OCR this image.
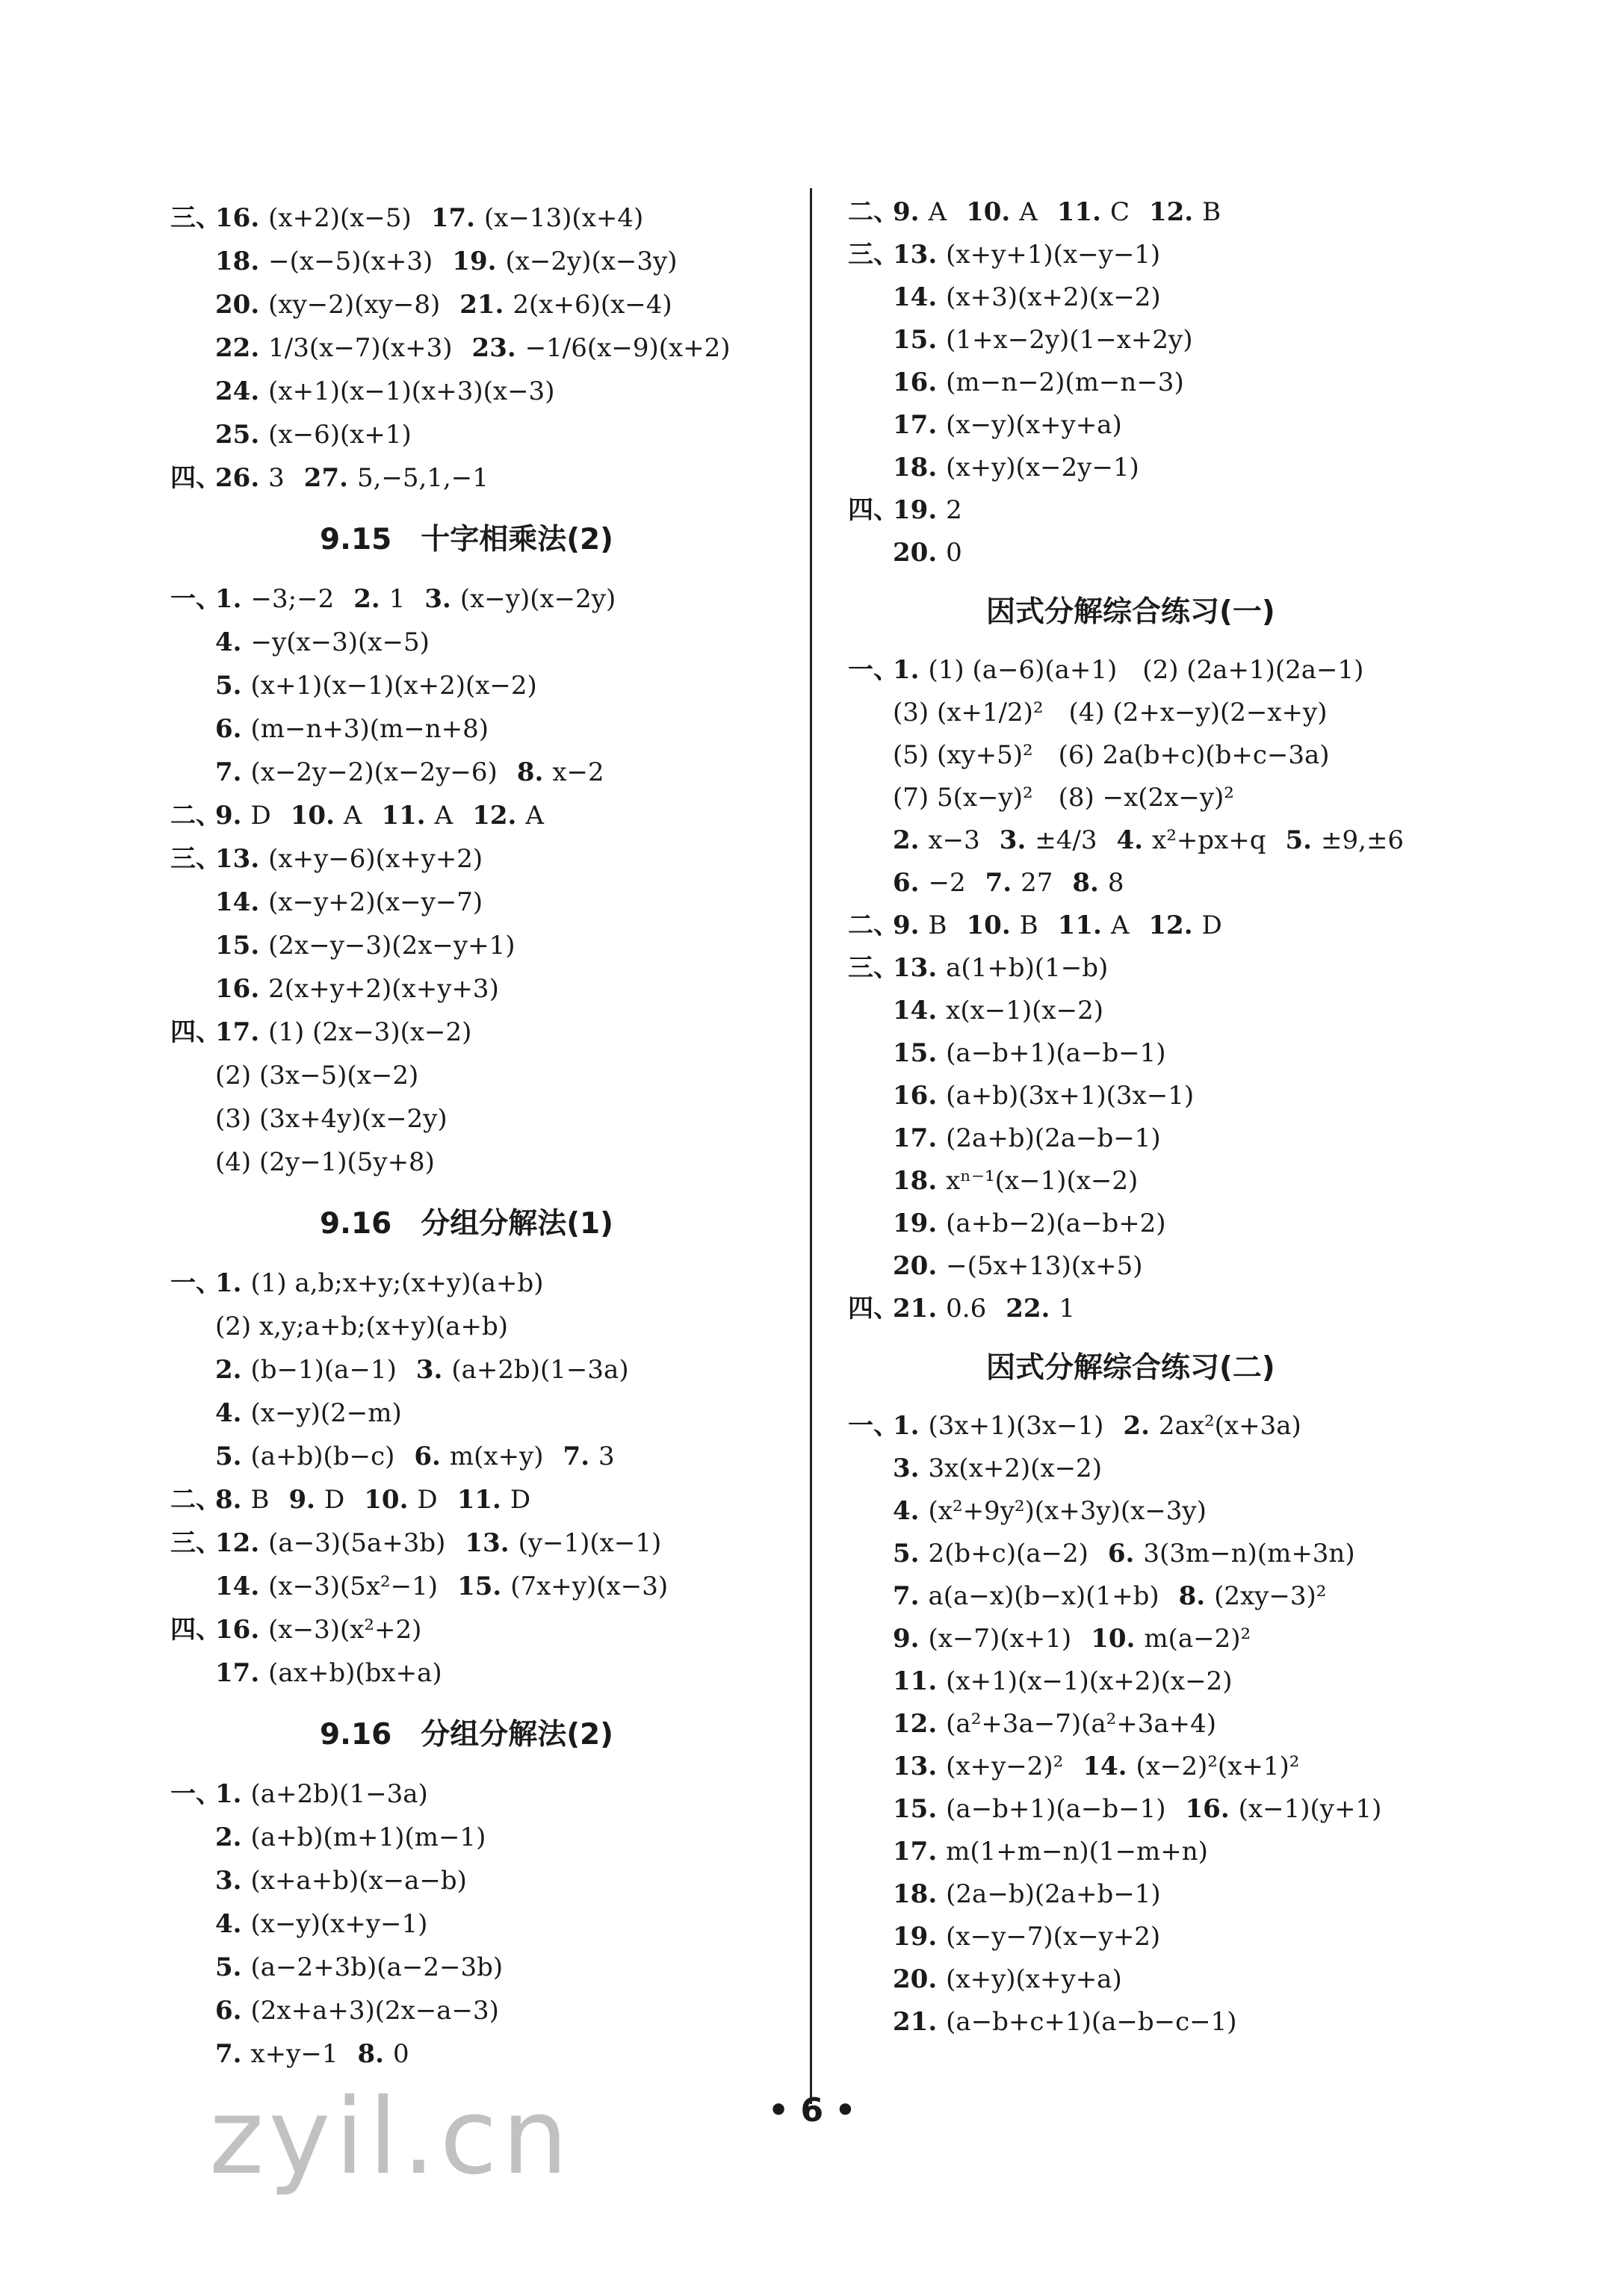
三、16. (x+2)(x−5) 17. (x−13)(x+4)
18. −(x−5)(x+3) 19. (x−2y)(x−3y)
20. (xy−2)(xy−8) 21. 2(x+6)(x−4)
22. 1/3(x−7)(x+3) 23. −1/6(x−9)(x+2)
24. (x+1)(x−1)(x+3)(x−3)
25. (x−6)(x+1)
四、26. 3 27. 5,−5,1,−1
9.15　十字相乘法(2)
一、1. −3;−2 2. 1 3. (x−y)(x−2y)
4. −y(x−3)(x−5)
5. (x+1)(x−1)(x+2)(x−2)
6. (m−n+3)(m−n+8)
7. (x−2y−2)(x−2y−6) 8. x−2
二、9. D 10. A 11. A 12. A
三、13. (x+y−6)(x+y+2)
14. (x−y+2)(x−y−7)
15. (2x−y−3)(2x−y+1)
16. 2(x+y+2)(x+y+3)
四、17. (1) (2x−3)(x−2)
(2) (3x−5)(x−2)
(3) (3x+4y)(x−2y)
(4) (2y−1)(5y+8)
9.16　分组分解法(1)
一、1. (1) a,b;x+y;(x+y)(a+b)
(2) x,y;a+b;(x+y)(a+b)
2. (b−1)(a−1) 3. (a+2b)(1−3a)
4. (x−y)(2−m)
5. (a+b)(b−c) 6. m(x+y) 7. 3
二、8. B 9. D 10. D 11. D
三、12. (a−3)(5a+3b) 13. (y−1)(x−1)
14. (x−3)(5x²−1) 15. (7x+y)(x−3)
四、16. (x−3)(x²+2)
17. (ax+b)(bx+a)
9.16　分组分解法(2)
一、1. (a+2b)(1−3a)
2. (a+b)(m+1)(m−1)
3. (x+a+b)(x−a−b)
4. (x−y)(x+y−1)
5. (a−2+3b)(a−2−3b)
6. (2x+a+3)(2x−a−3)
7. x+y−1 8. 0
二、9. A 10. A 11. C 12. B
三、13. (x+y+1)(x−y−1)
14. (x+3)(x+2)(x−2)
15. (1+x−2y)(1−x+2y)
16. (m−n−2)(m−n−3)
17. (x−y)(x+y+a)
18. (x+y)(x−2y−1)
四、19. 2
20. 0
因式分解综合练习(一)
一、1. (1) (a−6)(a+1)　(2) (2a+1)(2a−1)
(3) (x+1/2)²　(4) (2+x−y)(2−x+y)
(5) (xy+5)²　(6) 2a(b+c)(b+c−3a)
(7) 5(x−y)²　(8) −x(2x−y)²
2. x−3 3. ±4/3 4. x²+px+q 5. ±9,±6
6. −2 7. 27 8. 8
二、9. B 10. B 11. A 12. D
三、13. a(1+b)(1−b)
14. x(x−1)(x−2)
15. (a−b+1)(a−b−1)
16. (a+b)(3x+1)(3x−1)
17. (2a+b)(2a−b−1)
18. xⁿ⁻¹(x−1)(x−2)
19. (a+b−2)(a−b+2)
20. −(5x+13)(x+5)
四、21. 0.6 22. 1
因式分解综合练习(二)
一、1. (3x+1)(3x−1) 2. 2ax²(x+3a)
3. 3x(x+2)(x−2)
4. (x²+9y²)(x+3y)(x−3y)
5. 2(b+c)(a−2) 6. 3(3m−n)(m+3n)
7. a(a−x)(b−x)(1+b) 8. (2xy−3)²
9. (x−7)(x+1) 10. m(a−2)²
11. (x+1)(x−1)(x+2)(x−2)
12. (a²+3a−7)(a²+3a+4)
13. (x+y−2)² 14. (x−2)²(x+1)²
15. (a−b+1)(a−b−1) 16. (x−1)(y+1)
17. m(1+m−n)(1−m+n)
18. (2a−b)(2a+b−1)
19. (x−y−7)(x−y+2)
20. (x+y)(x+y+a)
21. (a−b+c+1)(a−b−c−1)
zyil.cn	• 6 •
